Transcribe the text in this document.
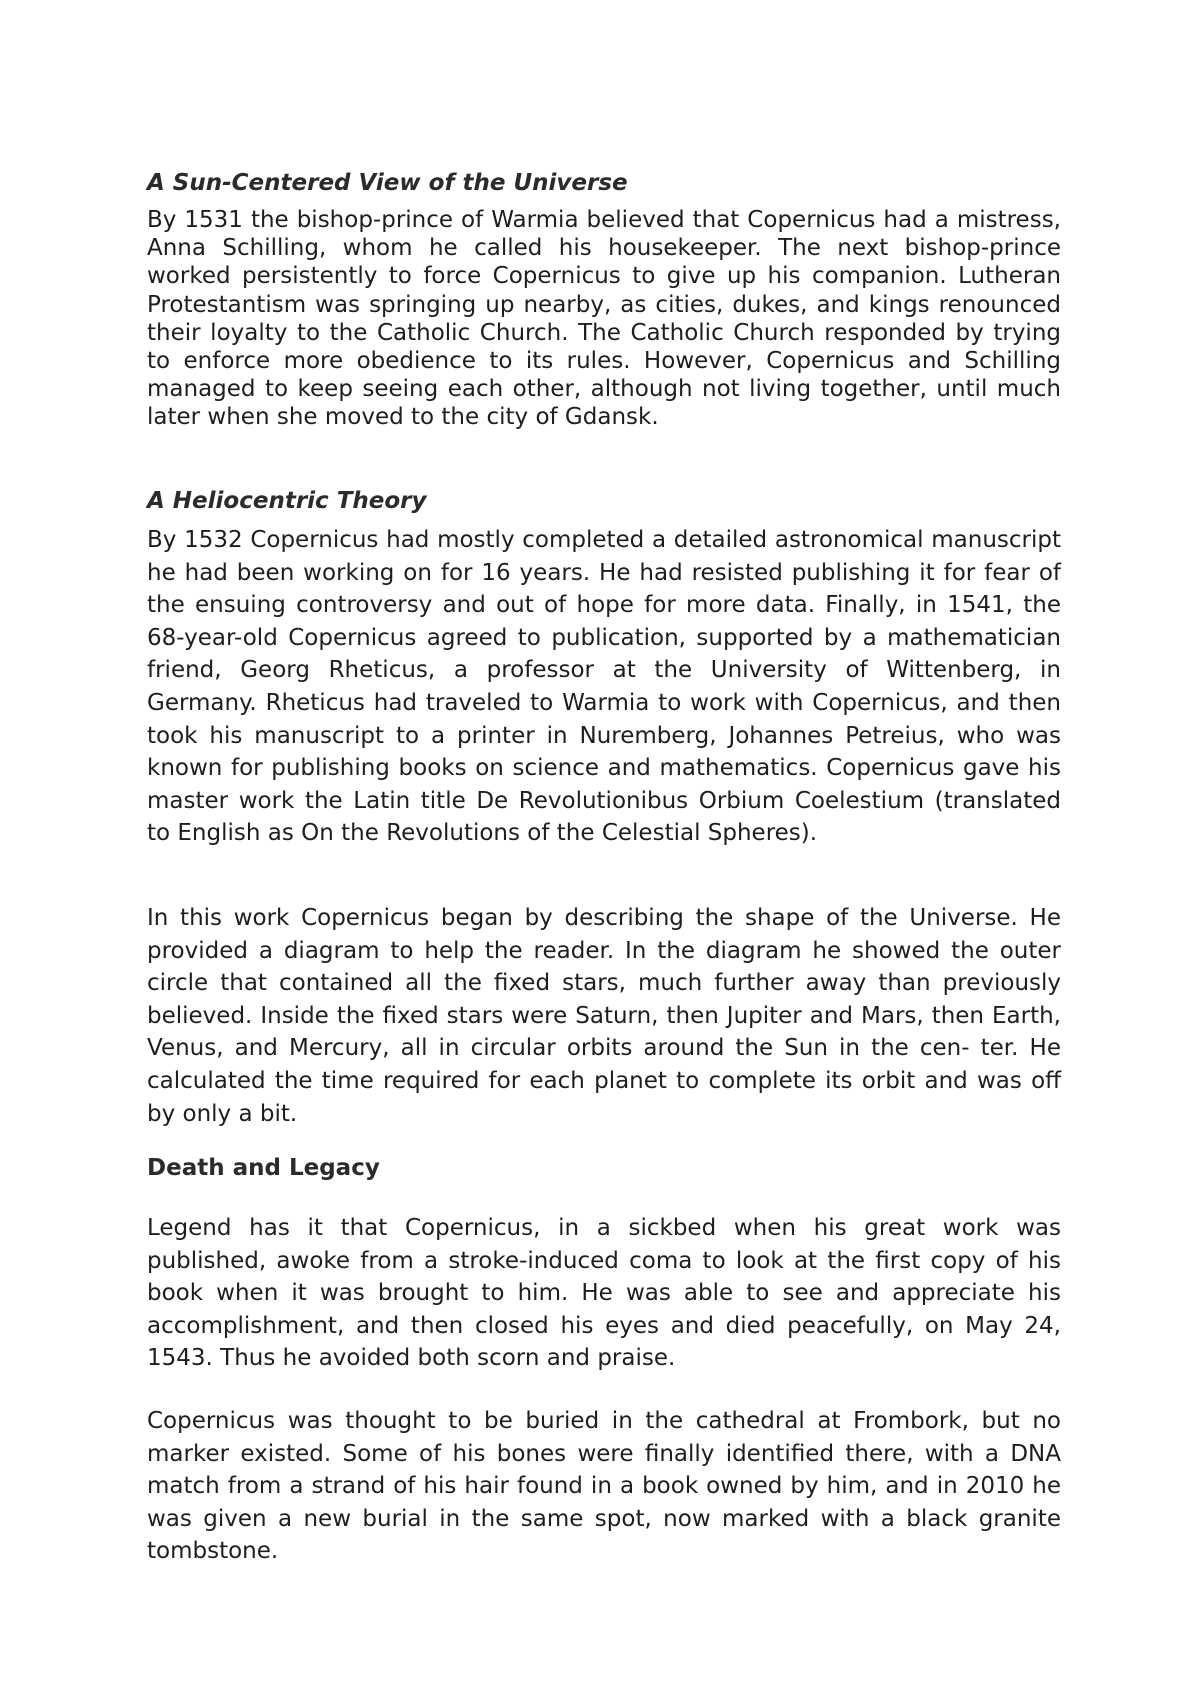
A Sun-Centered View of the Universe

By 1531 the bishop-prince of Warmia believed that Copernicus had a mistress, Anna Schilling, whom he called his housekeeper. The next bishop-prince worked persistently to force Copernicus to give up his companion. Lutheran Protestantism was springing up nearby, as cities, dukes, and kings renounced their loyalty to the Catholic Church. The Catholic Church responded by trying to enforce more obedience to its rules. However, Copernicus and Schilling managed to keep seeing each other, although not living together, until much later when she moved to the city of Gdansk.

A Heliocentric Theory

By 1532 Copernicus had mostly completed a detailed astronomical manuscript he had been working on for 16 years. He had resisted publishing it for fear of the ensuing controversy and out of hope for more data. Finally, in 1541, the 68-year-old Copernicus agreed to publication, supported by a mathematician friend, Georg Rheticus, a professor at the University of Wittenberg, in Germany. Rheticus had traveled to Warmia to work with Copernicus, and then took his manuscript to a printer in Nuremberg, Johannes Petreius, who was known for publishing books on science and mathematics. Copernicus gave his master work the Latin title De Revolutionibus Orbium Coelestium (translated to English as On the Revolutions of the Celestial Spheres).

In this work Copernicus began by describing the shape of the Universe. He provided a diagram to help the reader. In the diagram he showed the outer circle that contained all the fixed stars, much further away than previously believed. Inside the fixed stars were Saturn, then Jupiter and Mars, then Earth, Venus, and Mercury, all in circular orbits around the Sun in the cen- ter. He calculated the time required for each planet to complete its orbit and was off by only a bit.

Death and Legacy

Legend has it that Copernicus, in a sickbed when his great work was published, awoke from a stroke-induced coma to look at the first copy of his book when it was brought to him. He was able to see and appreciate his accomplishment, and then closed his eyes and died peacefully, on May 24, 1543. Thus he avoided both scorn and praise.

Copernicus was thought to be buried in the cathedral at Frombork, but no marker existed. Some of his bones were finally identified there, with a DNA match from a strand of his hair found in a book owned by him, and in 2010 he was given a new burial in the same spot, now marked with a black granite tombstone.
